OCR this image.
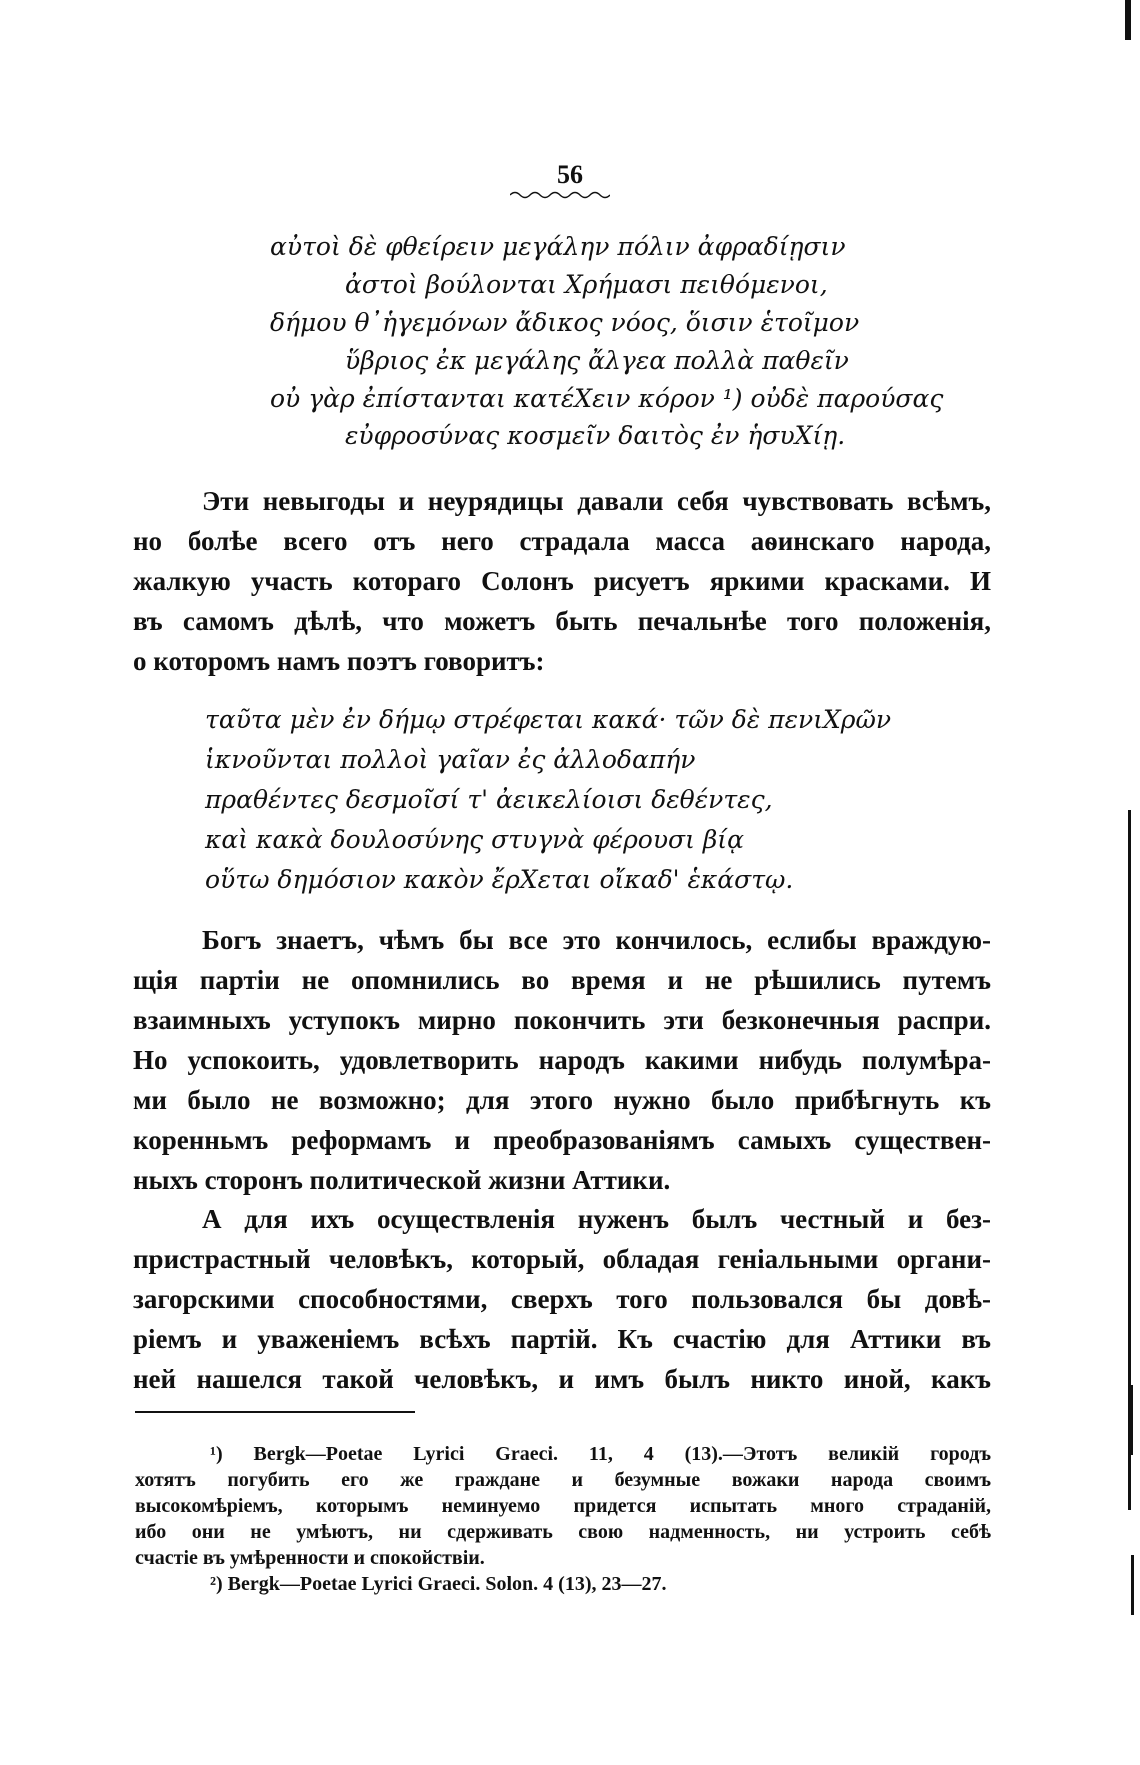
56
αὐτοὶ δὲ φθείρειν μεγάλην πόλιν ἀφραδίῃσιν
ἀστοὶ βούλονται Χρήμασι πειθόμενοι,
δήμου θ᾽ἡγεμόνων ἄδικος νόος, ὅισιν ἑτοῖμον
ὕβριος ἐκ μεγάλης ἄλγεα πολλὰ παθεῖν
οὐ γὰρ ἐπίστανται κατέΧειν κόρον ¹) οὐδὲ παρούσας
εὐφροσύνας κοσμεῖν δαιτὸς ἐν ἡσυΧίῃ.
Эти невыгоды и неурядицы давали себя чувствовать всѣмъ,
но болѣе всего отъ него страдала масса аѳинскаго народа,
жалкую участь котораго Солонъ рисуетъ яркими красками. И
въ самомъ дѣлѣ, что можетъ быть печальнѣе того положенія,
о которомъ намъ поэтъ говоритъ:
ταῦτα μὲν ἐν δήμῳ στρέφεται κακά· τῶν δὲ πενιΧρῶν
ἱκνοῦνται πολλοὶ γαῖαν ἐς ἀλλοδαπήν
πραθέντες δεσμοῖσί τ' ἀεικελίοισι δεθέντες,
καὶ κακὰ δουλοσύνης στυγνὰ φέρουσι βίᾳ
οὕτω δημόσιον κακὸν ἔρΧεται οἴκαδ' ἑκάστῳ.
Богъ знаетъ, чѣмъ бы все это кончилось, еслибы враждую-
щія партіи не опомнились во время и не рѣшились путемъ
взаимныхъ уступокъ мирно покончить эти безконечныя распри.
Но успокоить, удовлетворить народъ какими нибудь полумѣра-
ми было не возможно; для этого нужно было прибѣгнуть къ
коренньмъ реформамъ и преобразованіямъ самыхъ существен-
ныхъ сторонъ политической жизни Аттики.
А для ихъ осуществленія нуженъ былъ честный и без-
пристрастный человѣкъ, который, обладая геніальными органи-
загорскими способностями, сверхъ того пользовался бы довѣ-
ріемъ и уваженіемъ всѣхъ партій. Къ счастію для Аттики въ
ней нашелся такой человѣкъ, и имъ былъ никто иной, какъ
¹) Bergk—Poetae Lyrici Graeci. 11, 4 (13).—Этотъ великій городъ
хотятъ погубить его же граждане и безумные вожаки народа своимъ
высокомѣріемъ, которымъ неминуемо придется испытать много страданій,
ибо они не умѣютъ, ни сдерживать свою надменность, ни устроить себѣ
счастіе въ умѣренности и спокойствіи.
²) Bergk—Poetae Lyrici Graeci. Solon. 4 (13), 23—27.
